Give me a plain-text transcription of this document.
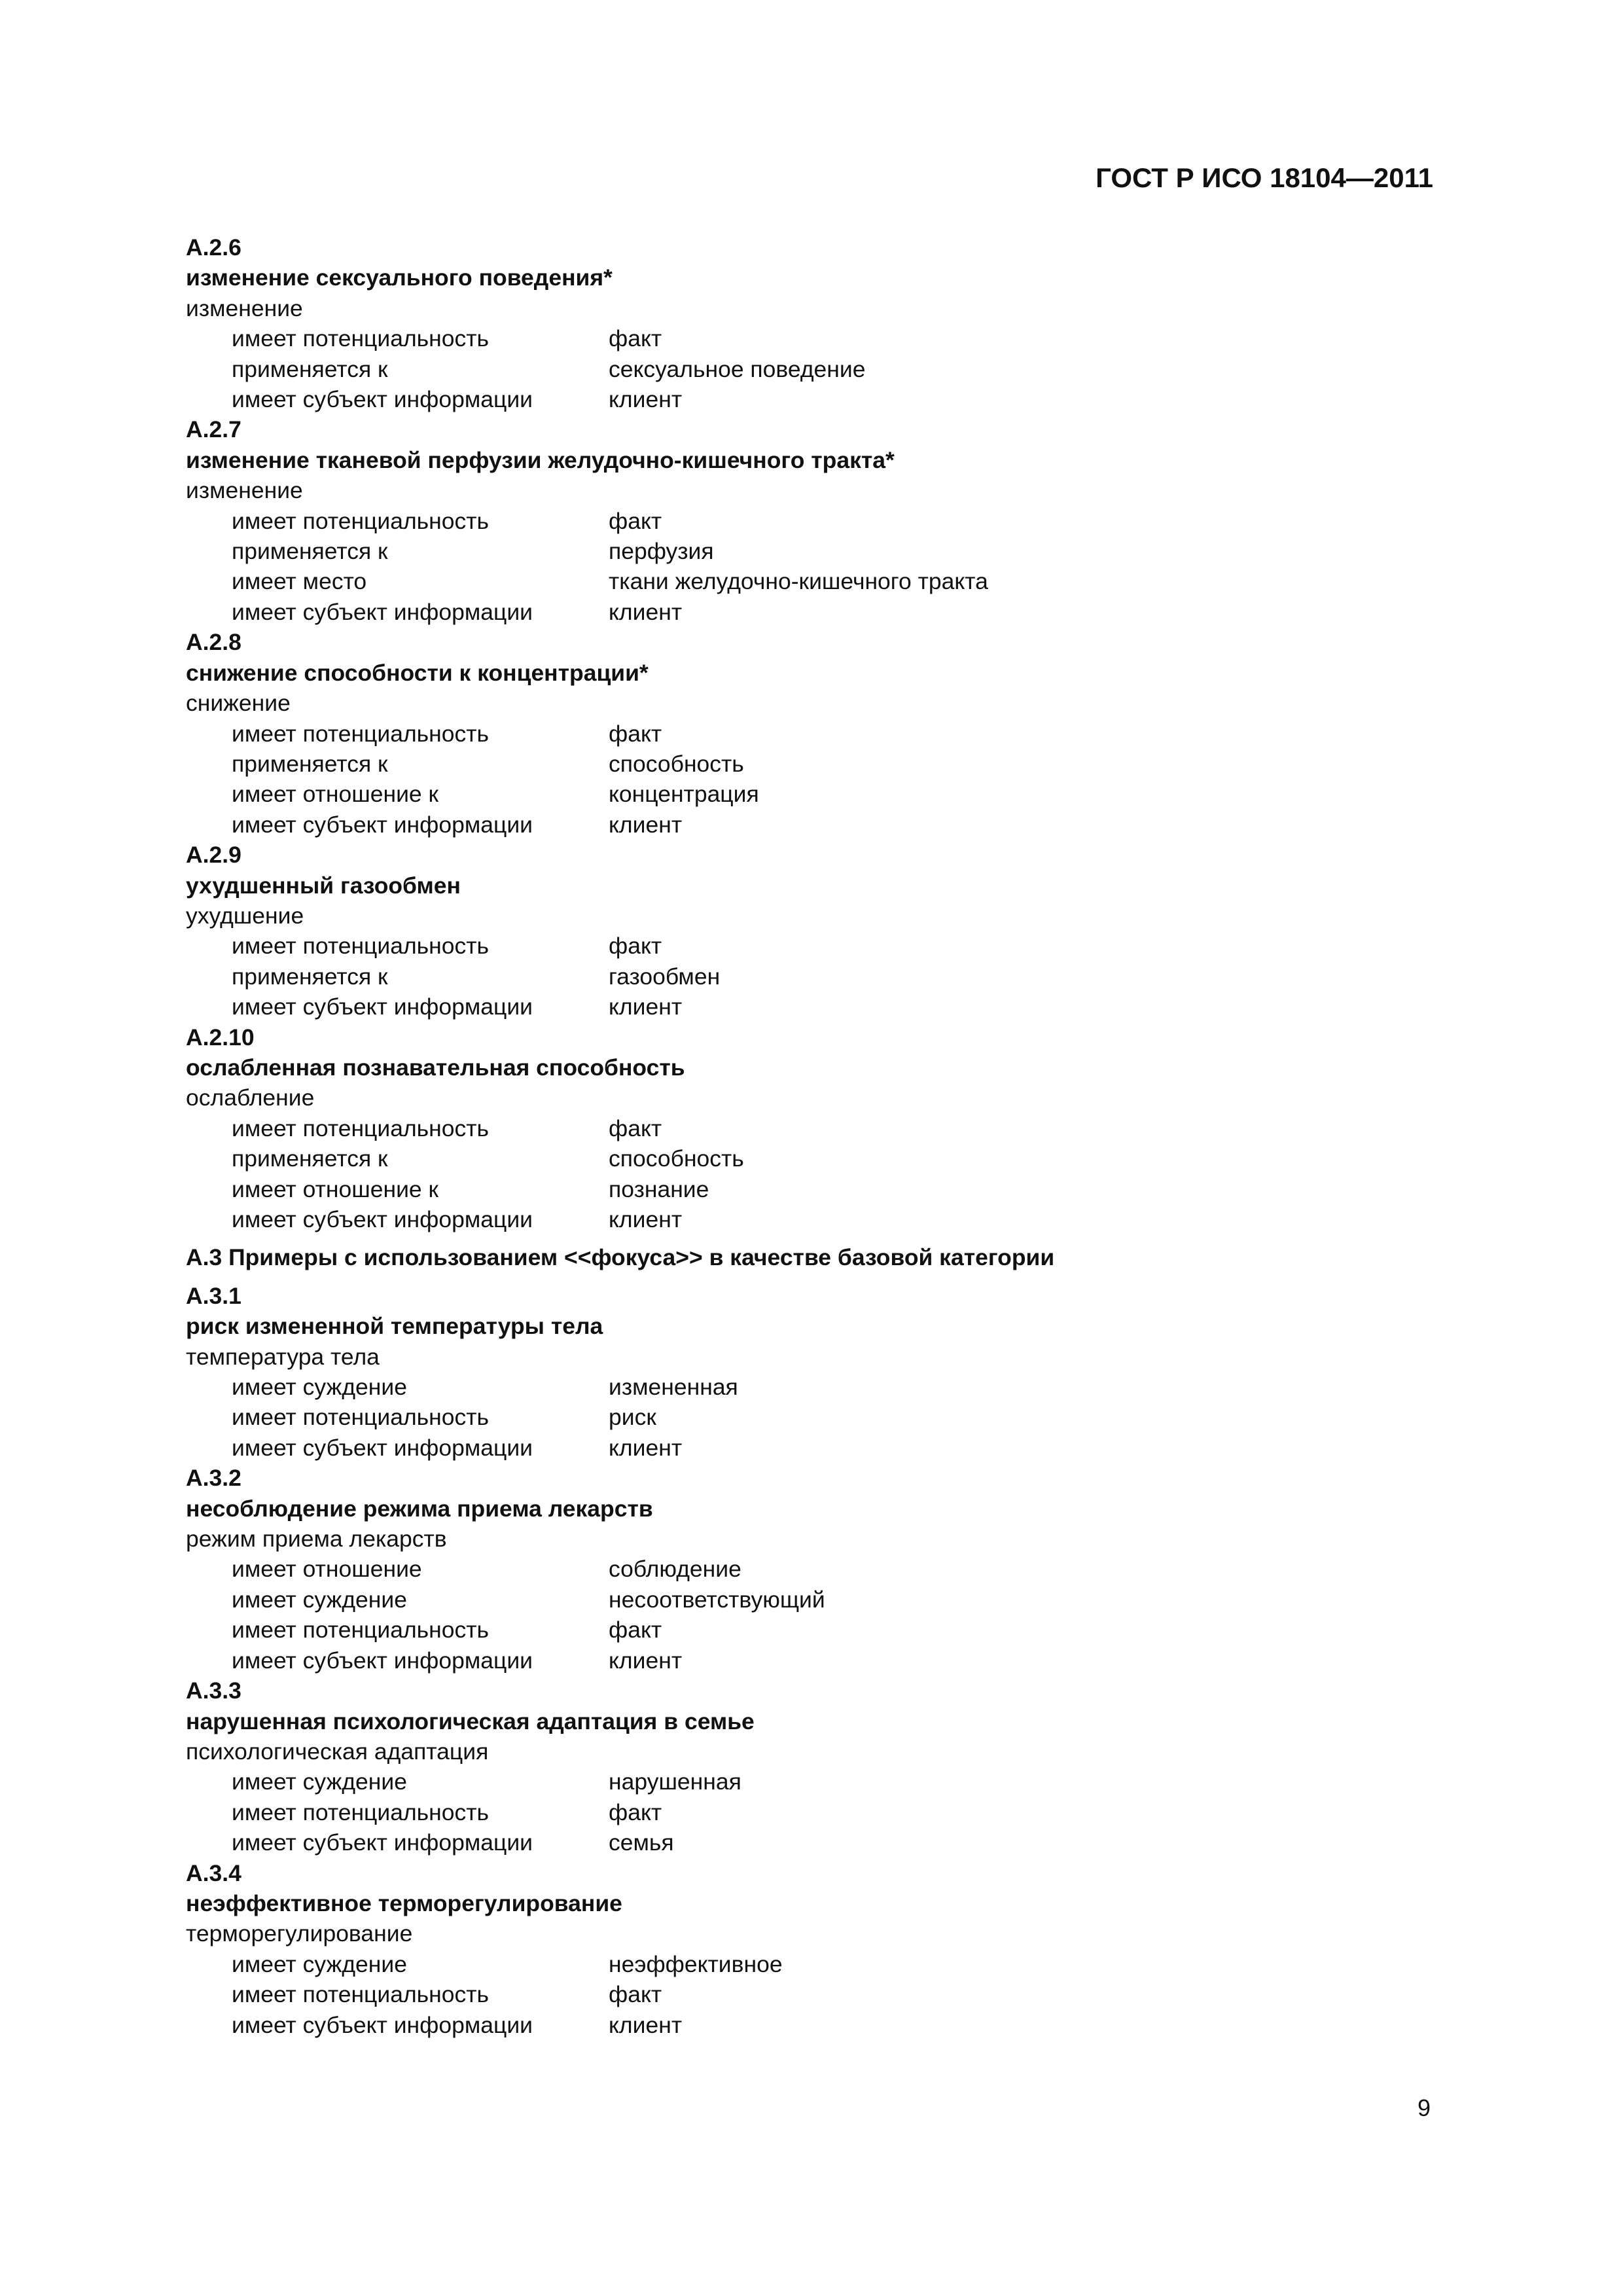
ГОСТ Р ИСО 18104—2011
A.2.6
изменение сексуального поведения*
изменение
имеет потенциальность	факт
применяется к	сексуальное поведение
имеет субъект информации	клиент
A.2.7
изменение тканевой перфузии желудочно-кишечного тракта*
изменение
имеет потенциальность	факт
применяется к	перфузия
имеет место	ткани желудочно-кишечного тракта
имеет субъект информации	клиент
A.2.8
снижение способности к концентрации*
снижение
имеет потенциальность	факт
применяется к	способность
имеет отношение к	концентрация
имеет субъект информации	клиент
A.2.9
ухудшенный газообмен
ухудшение
имеет потенциальность	факт
применяется к	газообмен
имеет субъект информации	клиент
A.2.10
ослабленная познавательная способность
ослабление
имеет потенциальность	факт
применяется к	способность
имеет отношение к	познание
имеет субъект информации	клиент
A.3 Примеры с использованием <<фокуса>> в качестве базовой категории
A.3.1
риск измененной температуры тела
температура тела
имеет суждение	измененная
имеет потенциальность	риск
имеет субъект информации	клиент
A.3.2
несоблюдение режима приема лекарств
режим приема лекарств
имеет отношение	соблюдение
имеет суждение	несоответствующий
имеет потенциальность	факт
имеет субъект информации	клиент
A.3.3
нарушенная психологическая адаптация в семье
психологическая адаптация
имеет суждение	нарушенная
имеет потенциальность	факт
имеет субъект информации	семья
A.3.4
неэффективное терморегулирование
терморегулирование
имеет суждение	неэффективное
имеет потенциальность	факт
имеет субъект информации	клиент
9
